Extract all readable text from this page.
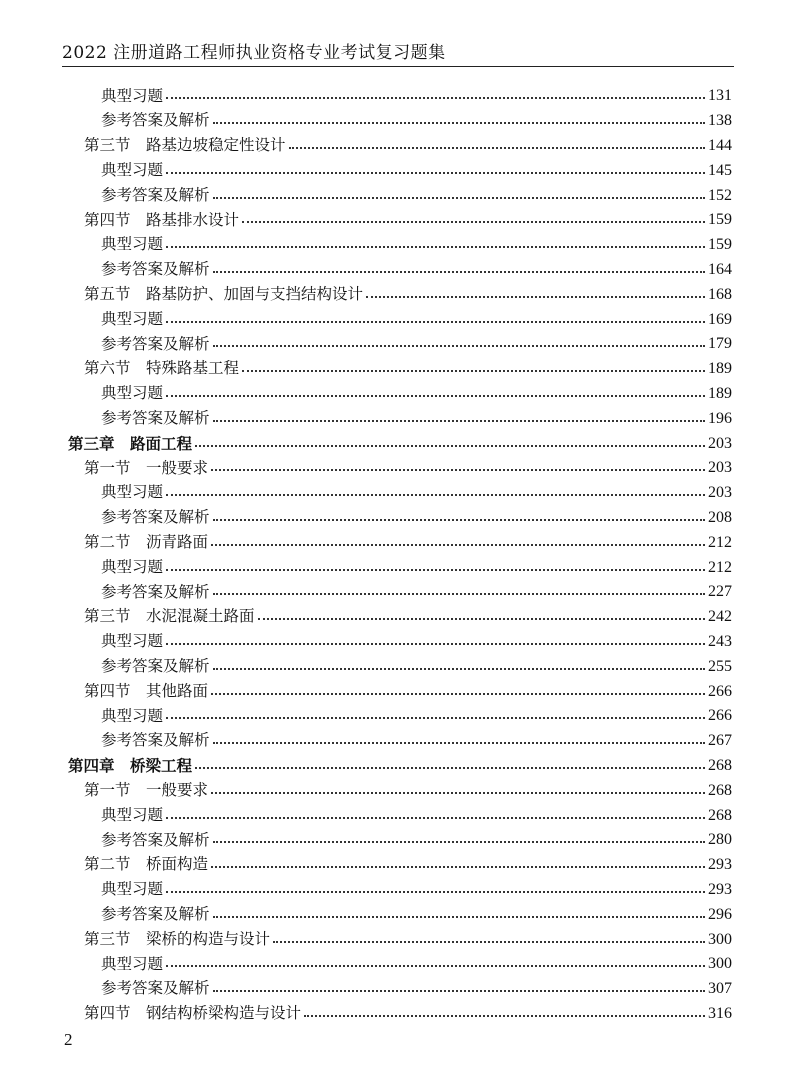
2022 注册道路工程师执业资格专业考试复习题集
典型习题	131
参考答案及解析	138
第三节　路基边坡稳定性设计	144
典型习题	145
参考答案及解析	152
第四节　路基排水设计	159
典型习题	159
参考答案及解析	164
第五节　路基防护、加固与支挡结构设计	168
典型习题	169
参考答案及解析	179
第六节　特殊路基工程	189
典型习题	189
参考答案及解析	196
第三章　路面工程	203
第一节　一般要求	203
典型习题	203
参考答案及解析	208
第二节　沥青路面	212
典型习题	212
参考答案及解析	227
第三节　水泥混凝土路面	242
典型习题	243
参考答案及解析	255
第四节　其他路面	266
典型习题	266
参考答案及解析	267
第四章　桥梁工程	268
第一节　一般要求	268
典型习题	268
参考答案及解析	280
第二节　桥面构造	293
典型习题	293
参考答案及解析	296
第三节　梁桥的构造与设计	300
典型习题	300
参考答案及解析	307
第四节　钢结构桥梁构造与设计	316
2
